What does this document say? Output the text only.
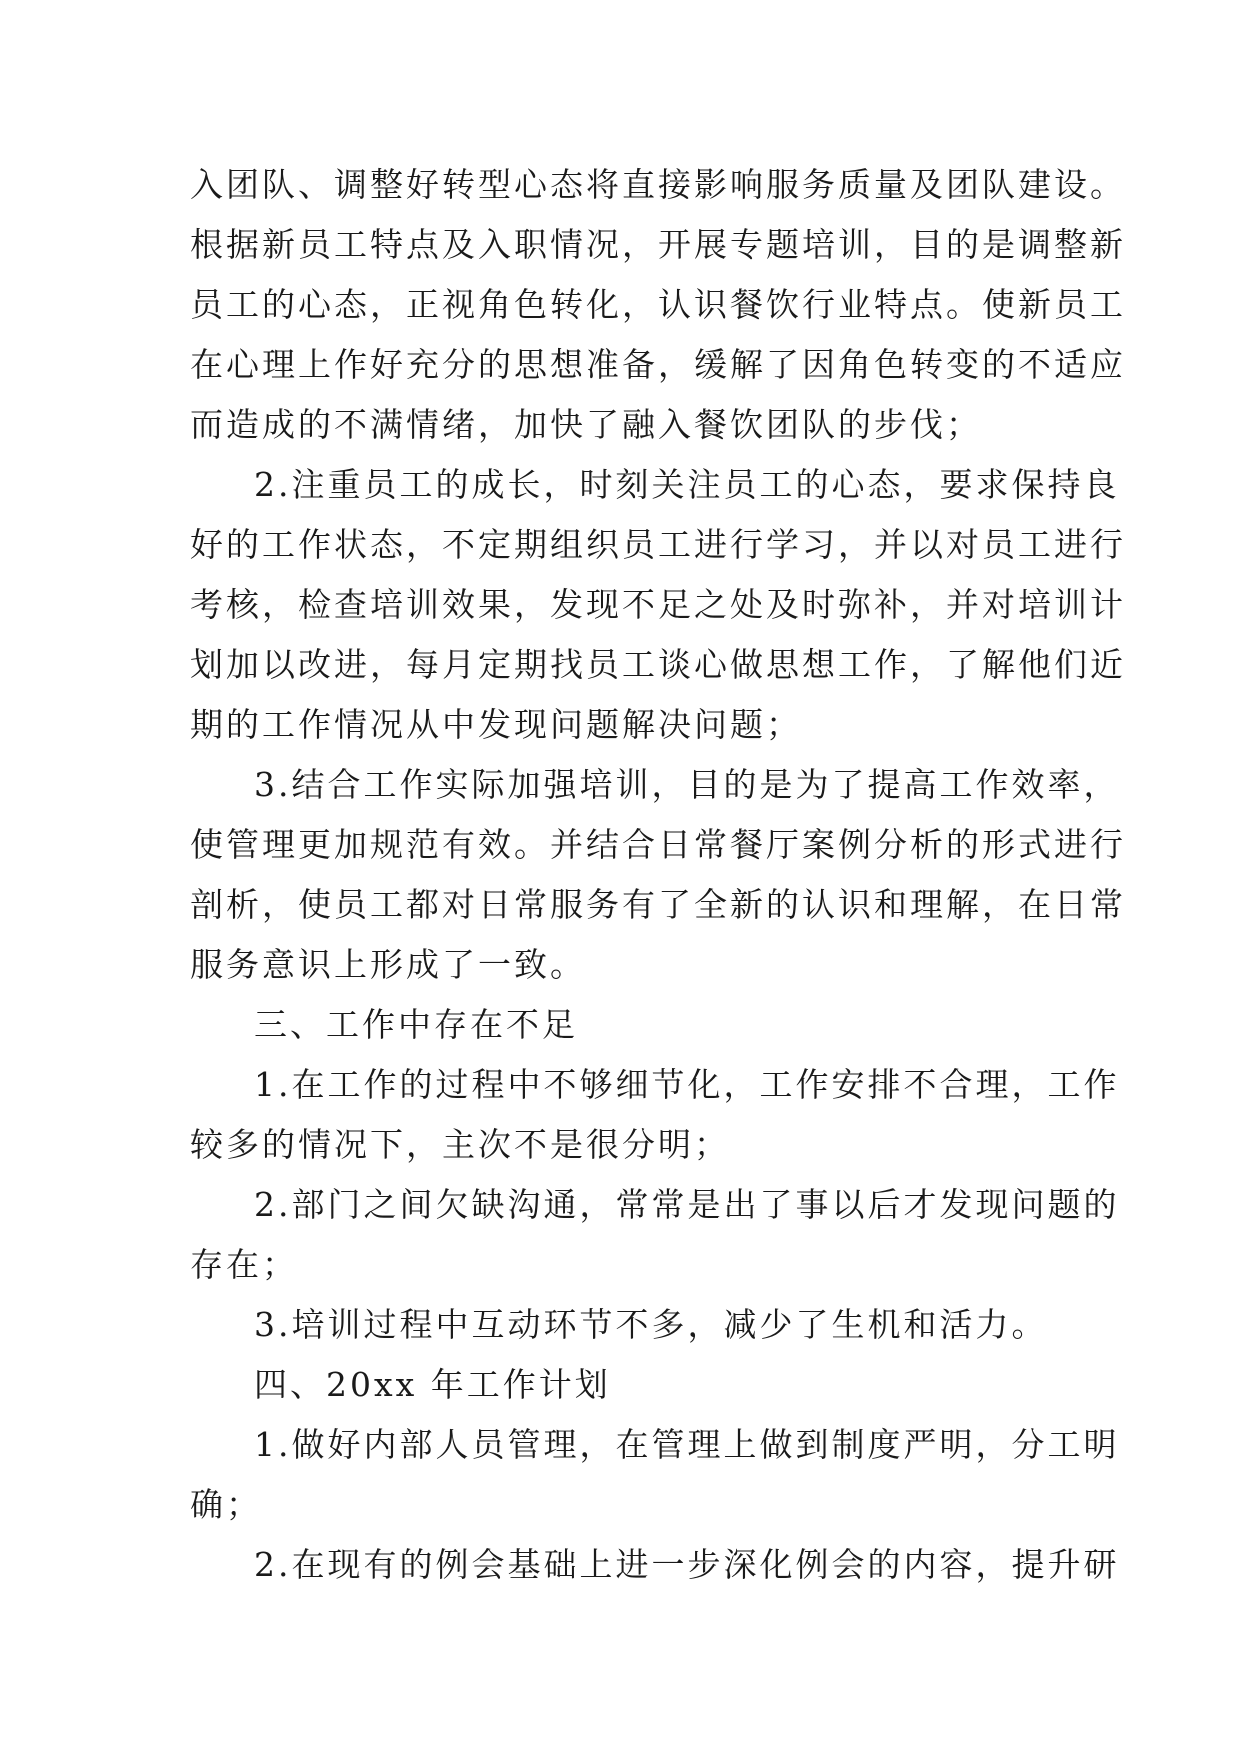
入团队、调整好转型心态将直接影响服务质量及团队建设。
根据新员工特点及入职情况，开展专题培训，目的是调整新
员工的心态，正视角色转化，认识餐饮行业特点。使新员工
在心理上作好充分的思想准备，缓解了因角色转变的不适应
而造成的不满情绪，加快了融入餐饮团队的步伐；
2.注重员工的成长，时刻关注员工的心态，要求保持良
好的工作状态，不定期组织员工进行学习，并以对员工进行
考核，检查培训效果，发现不足之处及时弥补，并对培训计
划加以改进，每月定期找员工谈心做思想工作，了解他们近
期的工作情况从中发现问题解决问题；
3.结合工作实际加强培训，目的是为了提高工作效率，
使管理更加规范有效。并结合日常餐厅案例分析的形式进行
剖析，使员工都对日常服务有了全新的认识和理解，在日常
服务意识上形成了一致。
三、工作中存在不足
1.在工作的过程中不够细节化，工作安排不合理，工作
较多的情况下，主次不是很分明；
2.部门之间欠缺沟通，常常是出了事以后才发现问题的
存在；
3.培训过程中互动环节不多，减少了生机和活力。
四、20xx 年工作计划
1.做好内部人员管理，在管理上做到制度严明，分工明
确；
2.在现有的例会基础上进一步深化例会的内容，提升研
